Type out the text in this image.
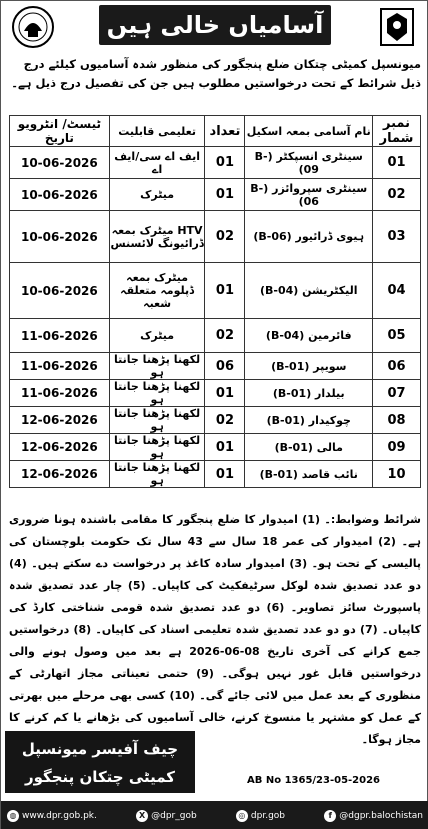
آسامیاں خالی ہیں
میونسپل کمیٹی چتکان ضلع پنجگور کی منظور شدہ آسامیوں کیلئے درج ذیل شرائط کے تحت درخواستیں مطلوب ہیں جن کی تفصیل درج ذیل ہے۔
نمبر شمار	نام آسامی بمعہ اسکیل	تعداد	تعلیمی قابلیت	ٹیسٹ/ انٹرویو تاریخ
01	سینٹری انسپکٹر (B-09)	01	ایف اے سی/ایف اے	10-06-2026
02	سینٹری سپروائزر (B-06)	01	میٹرک	10-06-2026
03	ہیوی ڈرائیور (B-06)	02	HTV میٹرک بمعہ ڈرائیونگ لائسنس	10-06-2026
04	الیکٹریشن (B-04)	01	میٹرک بمعہ ڈپلومہ متعلقہ شعبہ	10-06-2026
05	فائرمین (B-04)	02	میٹرک	11-06-2026
06	سویپر (B-01)	06	لکھنا پڑھنا جانتا ہو	11-06-2026
07	بیلدار (B-01)	01	لکھنا پڑھنا جانتا ہو	11-06-2026
08	چوکیدار (B-01)	02	لکھنا پڑھنا جانتا ہو	12-06-2026
09	مالی (B-01)	01	لکھنا پڑھنا جانتا ہو	12-06-2026
10	نائب قاصد (B-01)	01	لکھنا پڑھنا جانتا ہو	12-06-2026
شرائط وضوابط:۔ (1) امیدوار کا ضلع پنجگور کا مقامی باشندہ ہونا ضروری ہے۔ (2) امیدوار کی عمر 18 سال سے 43 سال تک حکومت بلوچستان کی پالیسی کے تحت ہو۔ (3) امیدوار سادہ کاغذ پر درخواست دے سکتے ہیں۔ (4) دو عدد تصدیق شدہ لوکل سرٹیفکیٹ کی کاپیاں۔ (5) چار عدد تصدیق شدہ پاسپورٹ سائز تصاویر۔ (6) دو عدد تصدیق شدہ قومی شناختی کارڈ کی کاپیاں۔ (7) دو دو عدد تصدیق شدہ تعلیمی اسناد کی کاپیاں۔ (8) درخواستیں جمع کرانے کی آخری تاریخ 08-06-2026 ہے بعد میں وصول ہونے والی درخواستیں قابل غور نہیں ہوگی۔ (9) حتمی تعیناتی مجاز اتھارٹی کے منظوری کے بعد عمل میں لائی جائے گی۔ (10) کسی بھی مرحلے میں بھرتی کے عمل کو مشتہر یا منسوخ کرنے، خالی آسامیوں کی بڑھانے یا کم کرنے کا مجاز ہوگا۔
چیف آفیسر میونسپل
کمیٹی چتکان پنجگور	AB No 1365/23-05-2026
◍ www.dpr.gob.pk.	X @dpr_gob	◎ dpr.gob	f @dgpr.balochistan
